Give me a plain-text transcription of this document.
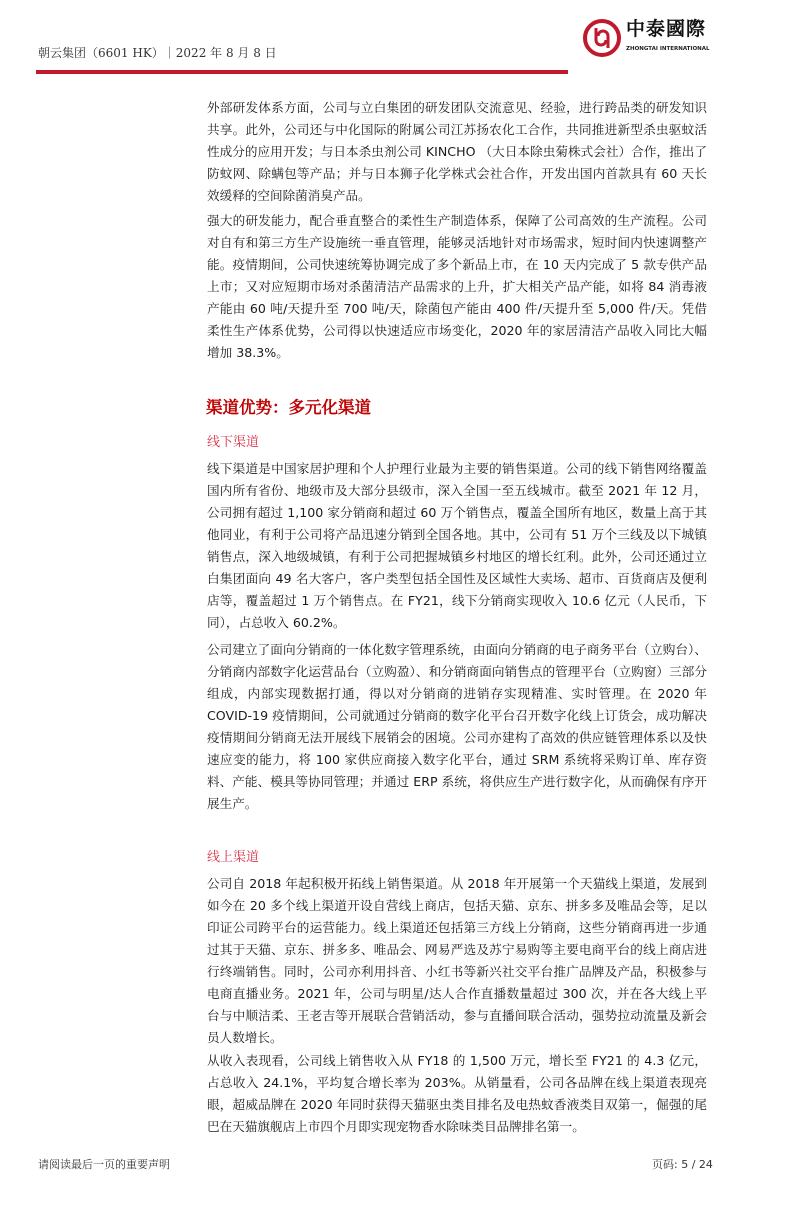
朝云集团（6601 HK）｜2022 年 8 月 8 日
中泰國際
ZHONGTAI INTERNATIONAL

外部研发体系方面，公司与立白集团的研发团队交流意见、经验，进行跨品类的研发知识共享。此外，公司还与中化国际的附属公司江苏扬农化工合作，共同推进新型杀虫驱蚊活性成分的应用开发；与日本杀虫剂公司 KINCHO （大日本除虫菊株式会社）合作，推出了防蚊网、除螨包等产品；并与日本狮子化学株式会社合作，开发出国内首款具有 60 天长效缓释的空间除菌消臭产品。

强大的研发能力，配合垂直整合的柔性生产制造体系，保障了公司高效的生产流程。公司对自有和第三方生产设施统一垂直管理，能够灵活地针对市场需求，短时间内快速调整产能。疫情期间，公司快速统筹协调完成了多个新品上市，在 10 天内完成了 5 款专供产品上市；又对应短期市场对杀菌清洁产品需求的上升，扩大相关产品产能，如将 84 消毒液产能由 60 吨/天提升至 700 吨/天，除菌包产能由 400 件/天提升至 5,000 件/天。凭借柔性生产体系优势，公司得以快速适应市场变化，2020 年的家居清洁产品收入同比大幅增加 38.3%。

渠道优势：多元化渠道
线下渠道

线下渠道是中国家居护理和个人护理行业最为主要的销售渠道。公司的线下销售网络覆盖国内所有省份、地级市及大部分县级市，深入全国一至五线城市。截至 2021 年 12 月，公司拥有超过 1,100 家分销商和超过 60 万个销售点，覆盖全国所有地区，数量上高于其他同业，有利于公司将产品迅速分销到全国各地。其中，公司有 51 万个三线及以下城镇销售点，深入地级城镇，有利于公司把握城镇乡村地区的增长红利。此外，公司还通过立白集团面向 49 名大客户，客户类型包括全国性及区域性大卖场、超市、百货商店及便利店等，覆盖超过 1 万个销售点。在 FY21，线下分销商实现收入 10.6 亿元（人民币，下同），占总收入 60.2%。

公司建立了面向分销商的一体化数字管理系统，由面向分销商的电子商务平台（立购台）、分销商内部数字化运营品台（立购盈）、和分销商面向销售点的管理平台（立购窗）三部分组成，内部实现数据打通，得以对分销商的进销存实现精准、实时管理。在 2020 年 COVID-19 疫情期间，公司就通过分销商的数字化平台召开数字化线上订货会，成功解决疫情期间分销商无法开展线下展销会的困境。公司亦建构了高效的供应链管理体系以及快速应变的能力，将 100 家供应商接入数字化平台，通过 SRM 系统将采购订单、库存资料、产能、模具等协同管理；并通过 ERP 系统，将供应生产进行数字化，从而确保有序开展生产。

线上渠道

公司自 2018 年起积极开拓线上销售渠道。从 2018 年开展第一个天猫线上渠道，发展到如今在 20 多个线上渠道开设自营线上商店，包括天猫、京东、拼多多及唯品会等，足以印证公司跨平台的运营能力。线上渠道还包括第三方线上分销商，这些分销商再进一步通过其于天猫、京东、拼多多、唯品会、网易严选及苏宁易购等主要电商平台的线上商店进行终端销售。同时，公司亦利用抖音、小红书等新兴社交平台推广品牌及产品，积极参与电商直播业务。2021 年，公司与明星/达人合作直播数量超过 300 次，并在各大线上平台与中顺洁柔、王老吉等开展联合营销活动，参与直播间联合活动，强势拉动流量及新会员人数增长。

从收入表现看，公司线上销售收入从 FY18 的 1,500 万元，增长至 FY21 的 4.3 亿元，占总收入 24.1%，平均复合增长率为 203%。从销量看，公司各品牌在线上渠道表现亮眼，超威品牌在 2020 年同时获得天猫驱虫类目排名及电热蚊香液类目双第一，倔强的尾巴在天猫旗舰店上市四个月即实现宠物香水除味类目品牌排名第一。

请阅读最后一页的重要声明	页码: 5 / 24
